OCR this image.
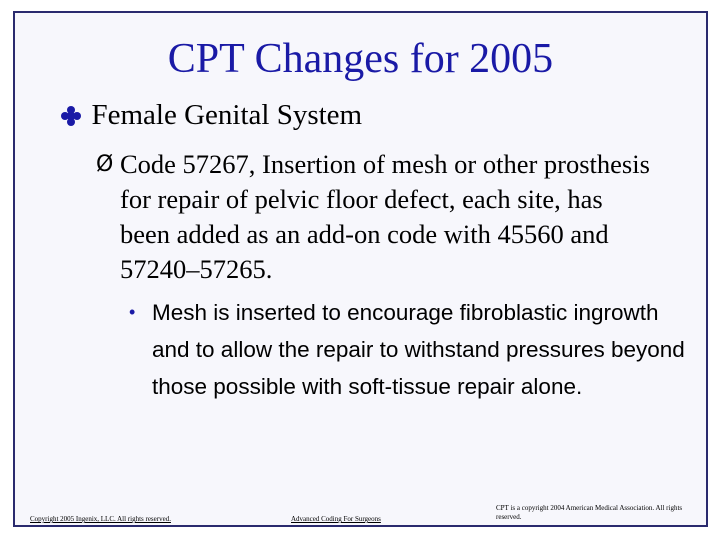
CPT Changes for 2005
Female Genital System
Ø Code 57267, Insertion of mesh or other prosthesis for repair of pelvic floor defect, each site, has been added as an add-on code with 45560 and 57240–57265.
• Mesh is inserted to encourage fibroblastic ingrowth and to allow the repair to withstand pressures beyond those possible with soft-tissue repair alone.
Copyright 2005 Ingenix, LLC. All rights reserved.	Advanced Coding For Surgeons
CPT is a copyright 2004 American Medical Association. All rights reserved.
